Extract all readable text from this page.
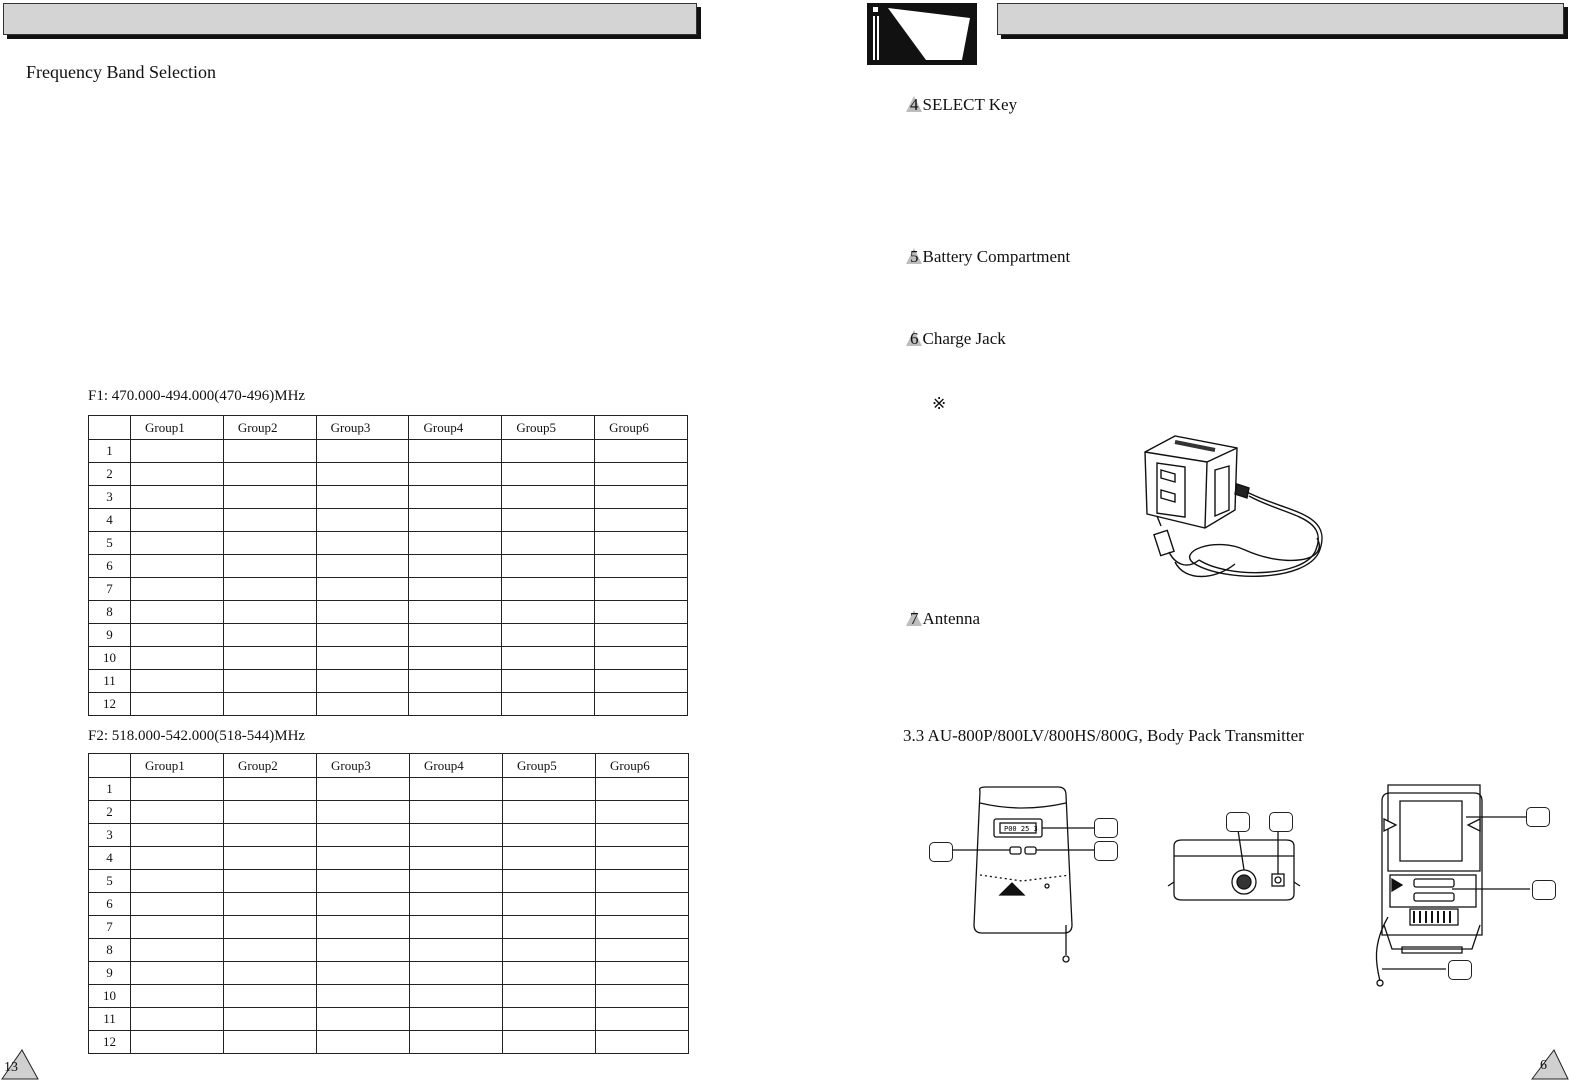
Frequency Band Selection
F1: 470.000-494.000(470-496)MHz
	Group1	Group2	Group3	Group4	Group5	Group6
1						
2						
3						
4						
5						
6						
7						
8						
9						
10						
11						
12						
F2: 518.000-542.000(518-544)MHz
	Group1	Group2	Group3	Group4	Group5	Group6
1						
2						
3						
4						
5						
6						
7						
8						
9						
10						
11						
12						
13
4 SELECT Key
5 Battery Compartment
6 Charge Jack
※
7 Antenna
3.3 AU-800P/800LV/800HS/800G, Body Pack Transmitter
P00 25 3
6
